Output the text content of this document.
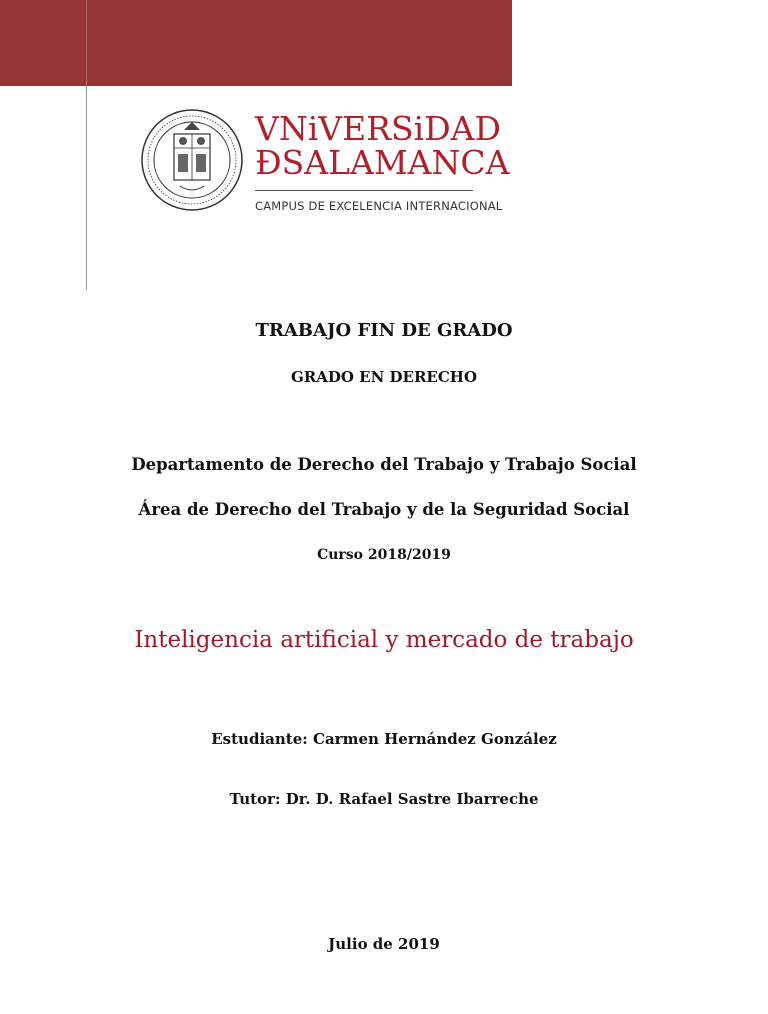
VNiVERSiDAD
ÐSALAMANCA
CAMPUS DE EXCELENCIA INTERNACIONAL
TRABAJO FIN DE GRADO
GRADO EN DERECHO
Departamento de Derecho del Trabajo y Trabajo Social
Área de Derecho del Trabajo y de la Seguridad Social
Curso 2018/2019
Inteligencia artificial y mercado de trabajo
Estudiante: Carmen Hernández González
Tutor: Dr. D. Rafael Sastre Ibarreche
Julio de 2019
